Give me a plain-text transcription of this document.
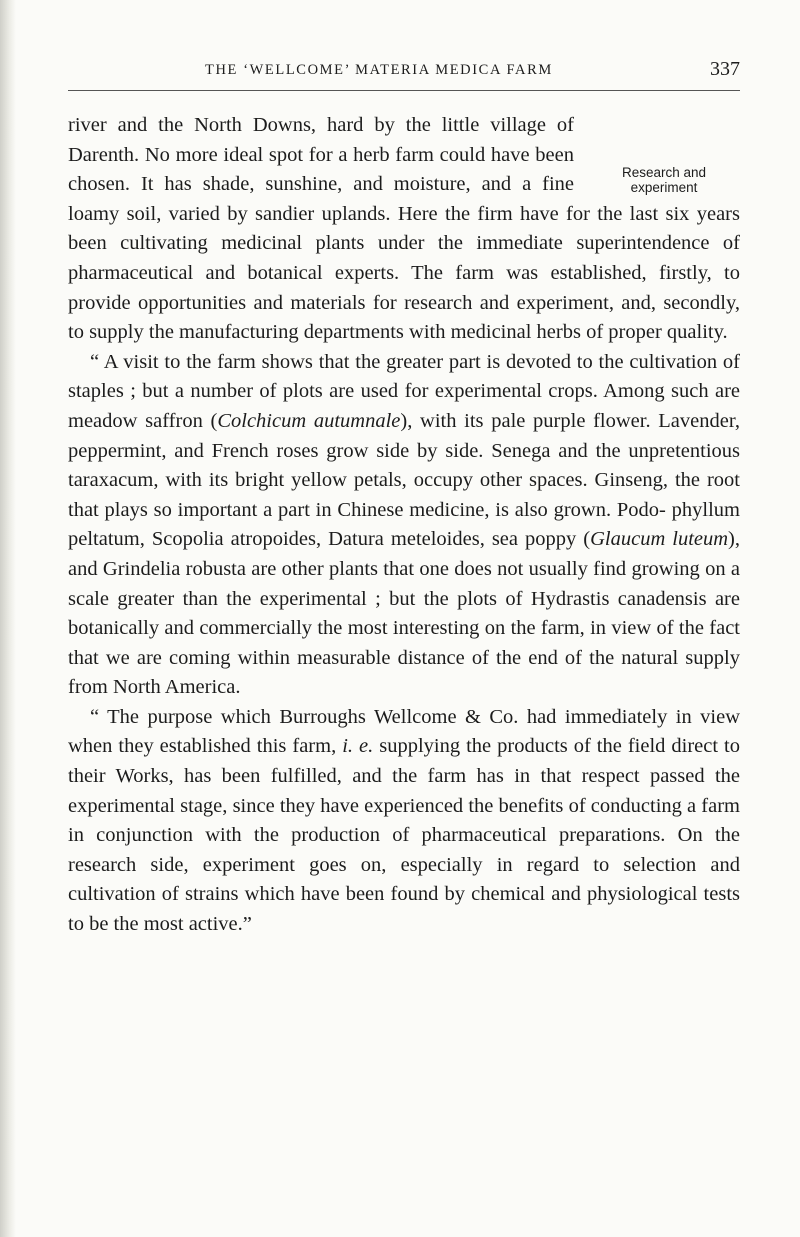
THE ‘WELLCOME’ MATERIA MEDICA FARM	337
Research and
experiment

river and the North Downs, hard by the little village of Darenth. No more ideal spot for a herb farm could have been chosen. It has shade, sunshine, and moisture, and a fine loamy soil, varied by sandier uplands. Here the firm have for the last six years been cultivating medicinal plants under the immediate superintendence of pharmaceutical and botanical experts. The farm was established, firstly, to provide opportunities and materials for research and experiment, and, secondly, to supply the manufacturing departments with medicinal herbs of proper quality.

“ A visit to the farm shows that the greater part is devoted to the cultivation of staples ; but a number of plots are used for experimental crops. Among such are meadow saffron (Colchicum autumnale), with its pale purple flower. Lavender, peppermint, and French roses grow side by side. Senega and the unpretentious taraxacum, with its bright yellow petals, occupy other spaces. Ginseng, the root that plays so important a part in Chinese medicine, is also grown. Podo- phyllum peltatum, Scopolia atropoides, Datura meteloides, sea poppy (Glaucum luteum), and Grindelia robusta are other plants that one does not usually find growing on a scale greater than the experimental ; but the plots of Hydrastis canadensis are botanically and commercially the most interesting on the farm, in view of the fact that we are coming within measurable distance of the end of the natural supply from North America.

“ The purpose which Burroughs Wellcome & Co. had immediately in view when they established this farm, i. e. supplying the products of the field direct to their Works, has been fulfilled, and the farm has in that respect passed the experimental stage, since they have experienced the benefits of conducting a farm in conjunction with the production of pharmaceutical preparations. On the research side, experiment goes on, especially in regard to selection and cultivation of strains which have been found by chemical and physiological tests to be the most active.”
